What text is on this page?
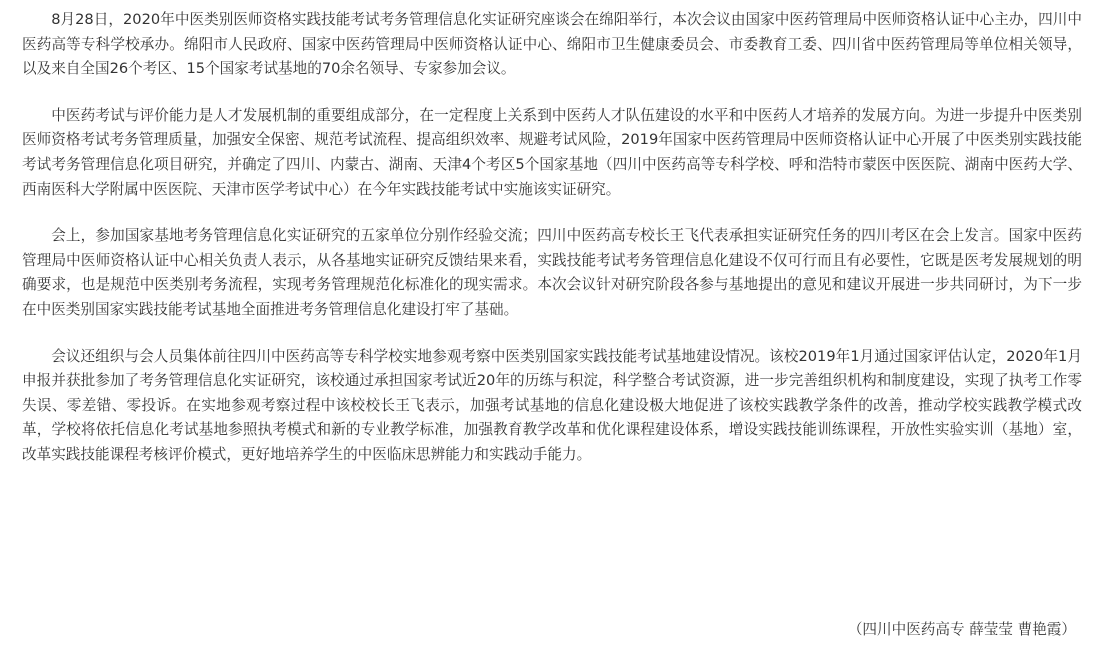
8月28日，2020年中医类别医师资格实践技能考试考务管理信息化实证研究座谈会在绵阳举行，本次会议由国家中医药管理局中医师资格认证中心主办，四川中医药高等专科学校承办。绵阳市人民政府、国家中医药管理局中医师资格认证中心、绵阳市卫生健康委员会、市委教育工委、四川省中医药管理局等单位相关领导，以及来自全国26个考区、15个国家考试基地的70余名领导、专家参加会议。

中医药考试与评价能力是人才发展机制的重要组成部分，在一定程度上关系到中医药人才队伍建设的水平和中医药人才培养的发展方向。为进一步提升中医类别医师资格考试考务管理质量，加强安全保密、规范考试流程、提高组织效率、规避考试风险，2019年国家中医药管理局中医师资格认证中心开展了中医类别实践技能考试考务管理信息化项目研究，并确定了四川、内蒙古、湖南、天津4个考区5个国家基地（四川中医药高等专科学校、呼和浩特市蒙医中医医院、湖南中医药大学、西南医科大学附属中医医院、天津市医学考试中心）在今年实践技能考试中实施该实证研究。

会上，参加国家基地考务管理信息化实证研究的五家单位分别作经验交流；四川中医药高专校长王飞代表承担实证研究任务的四川考区在会上发言。国家中医药管理局中医师资格认证中心相关负责人表示，从各基地实证研究反馈结果来看，实践技能考试考务管理信息化建设不仅可行而且有必要性，它既是医考发展规划的明确要求，也是规范中医类别考务流程，实现考务管理规范化标准化的现实需求。本次会议针对研究阶段各参与基地提出的意见和建议开展进一步共同研讨，为下一步在中医类别国家实践技能考试基地全面推进考务管理信息化建设打牢了基础。

会议还组织与会人员集体前往四川中医药高等专科学校实地参观考察中医类别国家实践技能考试基地建设情况。该校2019年1月通过国家评估认定，2020年1月申报并获批参加了考务管理信息化实证研究，该校通过承担国家考试近20年的历练与积淀，科学整合考试资源，进一步完善组织机构和制度建设，实现了执考工作零失误、零差错、零投诉。在实地参观考察过程中该校校长王飞表示，加强考试基地的信息化建设极大地促进了该校实践教学条件的改善，推动学校实践教学模式改革，学校将依托信息化考试基地参照执考模式和新的专业教学标准，加强教育教学改革和优化课程建设体系，增设实践技能训练课程，开放性实验实训（基地）室，改革实践技能课程考核评价模式，更好地培养学生的中医临床思辨能力和实践动手能力。

（四川中医药高专 薛莹莹 曹艳霞）
